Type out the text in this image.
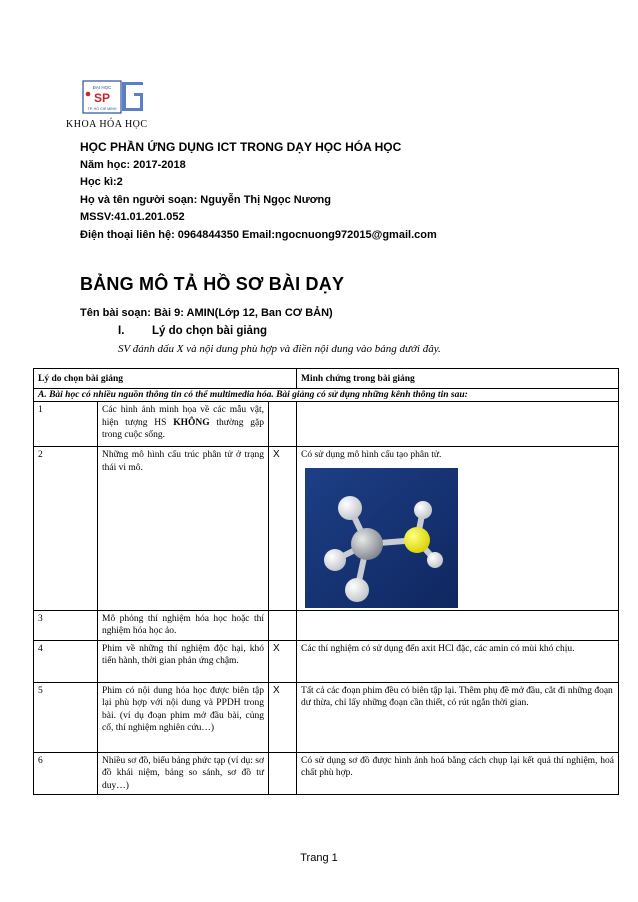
ĐẠI HỌC
SP
TP. HỒ CHÍ MINH
KHOA HÓA HỌC
HỌC PHẦN ỨNG DỤNG ICT TRONG DẠY HỌC HÓA HỌC
Năm học: 2017-2018
Học kì:2
Họ và tên người soạn: Nguyễn Thị Ngọc Nương
MSSV:41.01.201.052
Điện thoại liên hệ: 0964844350 Email:ngocnuong972015@gmail.com
BẢNG MÔ TẢ HỒ SƠ BÀI DẠY
Tên bài soạn: Bài 9: AMIN(Lớp 12, Ban CƠ BẢN)
I. Lý do chọn bài giảng
SV đánh dấu X và nội dung phù hợp và điền nội dung vào bảng dưới đây.
Lý do chọn bài giảng			Minh chứng trong bài giảng
A. Bài học có nhiều nguồn thông tin có thể multimedia hóa. Bài giảng có sử dụng những kênh thông tin sau:			
1	Các hình ảnh minh họa về các mẫu vật, hiện tượng HS KHÔNG thường gặp trong cuộc sống.		
2	Những mô hình cấu trúc phân tử ở trạng thái vi mô.	X	Có sử dụng mô hình cấu tạo phân tử.

3	Mô phỏng thí nghiệm hóa học hoặc thí nghiệm hóa học ảo.		
4	Phim về những thí nghiệm độc hại, khó tiến hành, thời gian phản ứng chậm.	X	Các thí nghiệm có sử dụng đến axit HCl đặc, các amin có mùi khó chịu.
5	Phim có nội dung hóa học được biên tập lại phù hợp với nội dung và PPDH trong bài. (ví dụ đoạn phim mở đầu bài, củng cố, thí nghiệm nghiên cứu…)	X	Tất cả các đoạn phim đều có biên tập lại. Thêm phụ đề mở đầu, cắt đi những đoạn dư thừa, chỉ lấy những đoạn cần thiết, có rút ngắn thời gian.
6	Nhiều sơ đồ, biểu bảng phức tạp (ví dụ: sơ đồ khái niệm, bảng so sánh, sơ đồ tư duy…)		Có sử dụng sơ đồ được hình ảnh hoá bằng cách chụp lại kết quả thí nghiệm, hoá chất phù hợp.
Trang 1
